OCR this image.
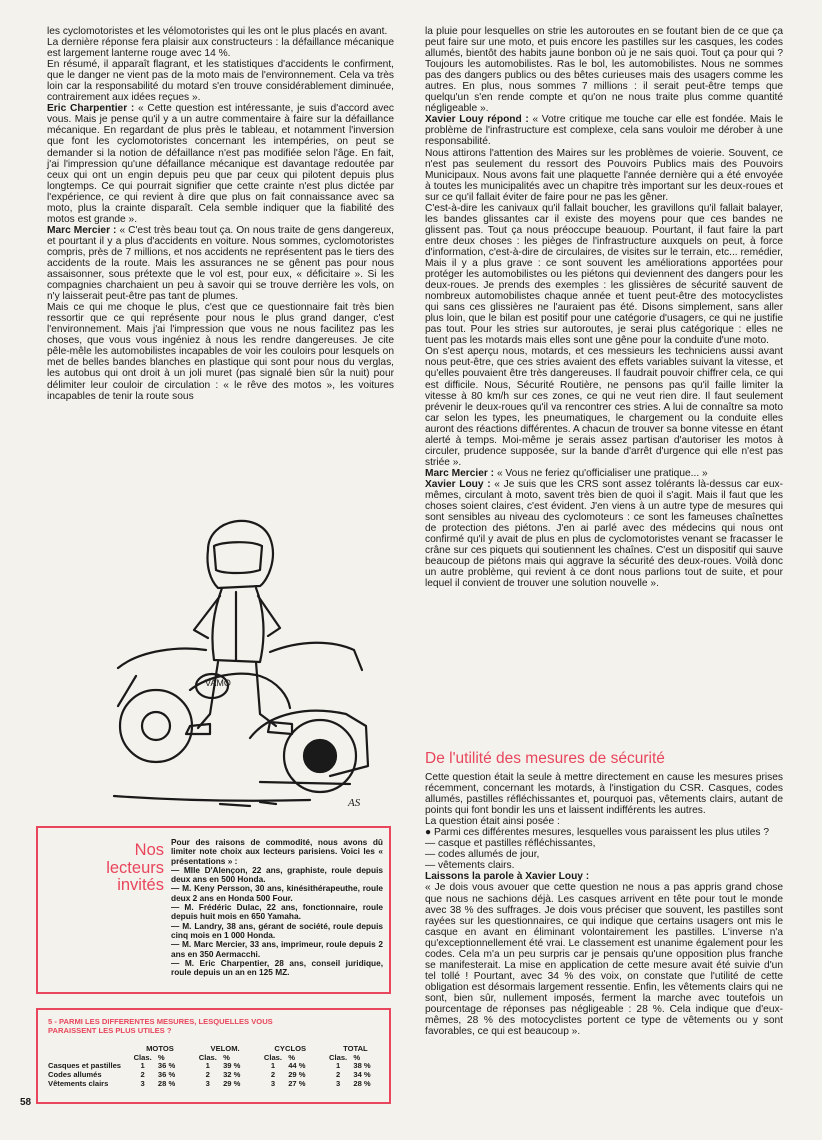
les cyclomotoristes et les vélomotoristes qui les ont le plus placés en avant.

La dernière réponse fera plaisir aux constructeurs : la défaillance mécanique est largement lanterne rouge avec 14 %.

En résumé, il apparaît flagrant, et les statistiques d'accidents le confirment, que le danger ne vient pas de la moto mais de l'environnement. Cela va très loin car la responsabilité du motard s'en trouve considérablement diminuée, contrairement aux idées reçues ».

Eric Charpentier : « Cette question est intéressante, je suis d'accord avec vous. Mais je pense qu'il y a un autre commentaire à faire sur la défaillance mécanique. En regardant de plus près le tableau, et notamment l'inversion que font les cyclomotoristes concernant les intempéries, on peut se demander si la notion de défaillance n'est pas modifiée selon l'âge. En fait, j'ai l'impression qu'une défaillance mécanique est davantage redoutée par ceux qui ont un engin depuis peu que par ceux qui pilotent depuis plus longtemps. Ce qui pourrait signifier que cette crainte n'est plus dictée par l'expérience, ce qui revient à dire que plus on fait connaissance avec sa moto, plus la crainte disparaît. Cela semble indiquer que la fiabilité des motos est grande ».

Marc Mercier : « C'est très beau tout ça. On nous traite de gens dangereux, et pourtant il y a plus d'accidents en voiture. Nous sommes, cyclomotoristes compris, près de 7 millions, et nos accidents ne représentent pas le tiers des accidents de la route. Mais les assurances ne se gênent pas pour nous assaisonner, sous prétexte que le vol est, pour eux, « déficitaire ». Si les compagnies charchaient un peu à savoir qui se trouve derrière les vols, on n'y laisserait peut-être pas tant de plumes.

Mais ce qui me choque le plus, c'est que ce questionnaire fait très bien ressortir que ce qui représente pour nous le plus grand danger, c'est l'environnement. Mais j'ai l'impression que vous ne nous facilitez pas les choses, que vous vous ingéniez à nous les rendre dangereuses. Je cite pêle-mêle les automobilistes incapables de voir les couloirs pour lesquels on met de belles bandes blanches en plastique qui sont pour nous du verglas, les autobus qui ont droit à un joli muret (pas signalé bien sûr la nuit) pour délimiter leur couloir de circulation : « le rêve des motos », les voitures incapables de tenir la route sous

VAMO
AS

la pluie pour lesquelles on strie les autoroutes en se foutant bien de ce que ça peut faire sur une moto, et puis encore les pastilles sur les casques, les codes allumés, bientôt des habits jaune bonbon où je ne sais quoi. Tout ça pour qui ? Toujours les automobilistes. Ras le bol, les automobilistes. Nous ne sommes pas des dangers publics ou des bêtes curieuses mais des usagers comme les autres. En plus, nous sommes 7 millions : il serait peut-être temps que quelqu'un s'en rende compte et qu'on ne nous traite plus comme quantité négligeable ».

Xavier Louy répond : « Votre critique me touche car elle est fondée. Mais le problème de l'infrastructure est complexe, cela sans vouloir me dérober à une responsabilité.

Nous attirons l'attention des Maires sur les problèmes de voierie. Souvent, ce n'est pas seulement du ressort des Pouvoirs Publics mais des Pouvoirs Municipaux. Nous avons fait une plaquette l'année dernière qui a été envoyée à toutes les municipalités avec un chapitre très important sur les deux-roues et sur ce qu'il fallait éviter de faire pour ne pas les gêner.

C'est-à-dire les canivaux qu'il fallait boucher, les gravillons qu'il fallait balayer, les bandes glissantes car il existe des moyens pour que ces bandes ne glissent pas. Tout ça nous préoccupe beauoup. Pourtant, il faut faire la part entre deux choses : les pièges de l'infrastructure auxquels on peut, à force d'information, c'est-à-dire de circulaires, de visites sur le terrain, etc... remédier, Mais il y a plus grave : ce sont souvent les améliorations apportées pour protéger les automobilistes ou les piétons qui deviennent des dangers pour les deux-roues. Je prends des exemples : les glissières de sécurité sauvent de nombreux automobilistes chaque année et tuent peut-être des motocyclistes qui sans ces glissières ne l'auraient pas été. Disons simplement, sans aller plus loin, que le bilan est positif pour une catégorie d'usagers, ce qui ne justifie pas tout. Pour les stries sur autoroutes, je serai plus catégorique : elles ne tuent pas les motards mais elles sont une gêne pour la conduite d'une moto.

On s'est aperçu nous, motards, et ces messieurs les techniciens aussi avant nous peut-être, que ces stries avaient des effets variables suivant la vitesse, et qu'elles pouvaient être très dangereuses. Il faudrait pouvoir chiffrer cela, ce qui est difficile. Nous, Sécurité Routière, ne pensons pas qu'il faille limiter la vitesse à 80 km/h sur ces zones, ce qui ne veut rien dire. Il faut seulement prévenir le deux-roues qu'il va rencontrer ces stries. A lui de connaître sa moto car selon les types, les pneumatiques, le chargement ou la conduite elles auront des réactions différentes. A chacun de trouver sa bonne vitesse en étant alerté à temps. Moi-même je serais assez partisan d'autoriser les motos à circuler, prudence supposée, sur la bande d'arrêt d'urgence qui elle n'est pas striée ».

Marc Mercier : « Vous ne feriez qu'officialiser une pratique... »

Xavier Louy : « Je suis que les CRS sont assez tolérants là-dessus car eux-mêmes, circulant à moto, savent très bien de quoi il s'agit. Mais il faut que les choses soient claires, c'est évident. J'en viens à un autre type de mesures qui sont sensibles au niveau des cyclomoteurs : ce sont les fameuses chaînettes de protection des piétons. J'en ai parlé avec des médecins qui nous ont confirmé qu'il y avait de plus en plus de cyclomotoristes venant se fracasser le crâne sur ces piquets qui soutiennent les chaînes. C'est un dispositif qui sauve beaucoup de piétons mais qui aggrave la sécurité des deux-roues. Voilà donc un autre problème, qui revient à ce dont nous parlions tout de suite, et pour lequel il convient de trouver une solution nouvelle ».

De l'utilité des mesures de sécurité

Cette question était la seule à mettre directement en cause les mesures prises récemment, concernant les motards, à l'instigation du CSR. Casques, codes allumés, pastilles réfléchissantes et, pourquoi pas, vêtements clairs, autant de points qui font bondir les uns et laissent indifférents les autres.

La question était ainsi posée :

● Parmi ces différentes mesures, lesquelles vous paraissent les plus utiles ?

— casque et pastilles réfléchissantes,

— codes allumés de jour,

— vêtements clairs.

Laissons la parole à Xavier Louy :

« Je dois vous avouer que cette question ne nous a pas appris grand chose que nous ne sachions déjà. Les casques arrivent en tête pour tout le monde avec 38 % des suffrages. Je dois vous préciser que souvent, les pastilles sont rayées sur les questionnaires, ce qui indique que certains usagers ont mis le casque en avant en éliminant volontairement les pastilles. L'inverse n'a qu'exceptionnellement été vrai. Le classement est unanime également pour les codes. Cela m'a un peu surpris car je pensais qu'une opposition plus franche se manifesterait. La mise en application de cette mesure avait été suivie d'un tel tollé ! Pourtant, avec 34 % des voix, on constate que l'utilité de cette obligation est désormais largement ressentie. Enfin, les vêtements clairs qui ne sont, bien sûr, nullement imposés, ferment la marche avec toutefois un pourcentage de réponses pas négligeable : 28 %. Cela indique que d'eux-mêmes, 28 % des motocyclistes portent ce type de vêtements ou y sont favorables, ce qui est beaucoup ».

Nos
lecteurs
invités

Pour des raisons de commodité, nous avons dû limiter note choix aux lecteurs parisiens. Voici les « présentations » :

— Mlle D'Alençon, 22 ans, graphiste, roule depuis deux ans en 500 Honda.

— M. Keny Persson, 30 ans, kinésithérapeuthe, roule deux 2 ans en Honda 500 Four.

— M. Frédéric Dulac, 22 ans, fonctionnaire, roule depuis huit mois en 650 Yamaha.

— M. Landry, 38 ans, gérant de société, roule depuis cinq mois en 1 000 Honda.

— M. Marc Mercier, 33 ans, imprimeur, roule depuis 2 ans en 350 Aermacchi.

— M. Eric Charpentier, 28 ans, conseil juridique, roule depuis un an en 125 MZ.

5 - PARMI LES DIFFERENTES MESURES, LESQUELLES VOUS PARAISSENT LES PLUS UTILES ?
	MOTOS		VELOM.		CYCLOS		TOTAL	
	Clas.	%	Clas.	%	Clas.	%	Clas.	%
Casques et pastilles	1	36 %	1	39 %	1	44 %	1	38 %
Codes allumés	2	36 %	2	32 %	2	29 %	2	34 %
Vêtements clairs	3	28 %	3	29 %	3	27 %	3	28 %
58
